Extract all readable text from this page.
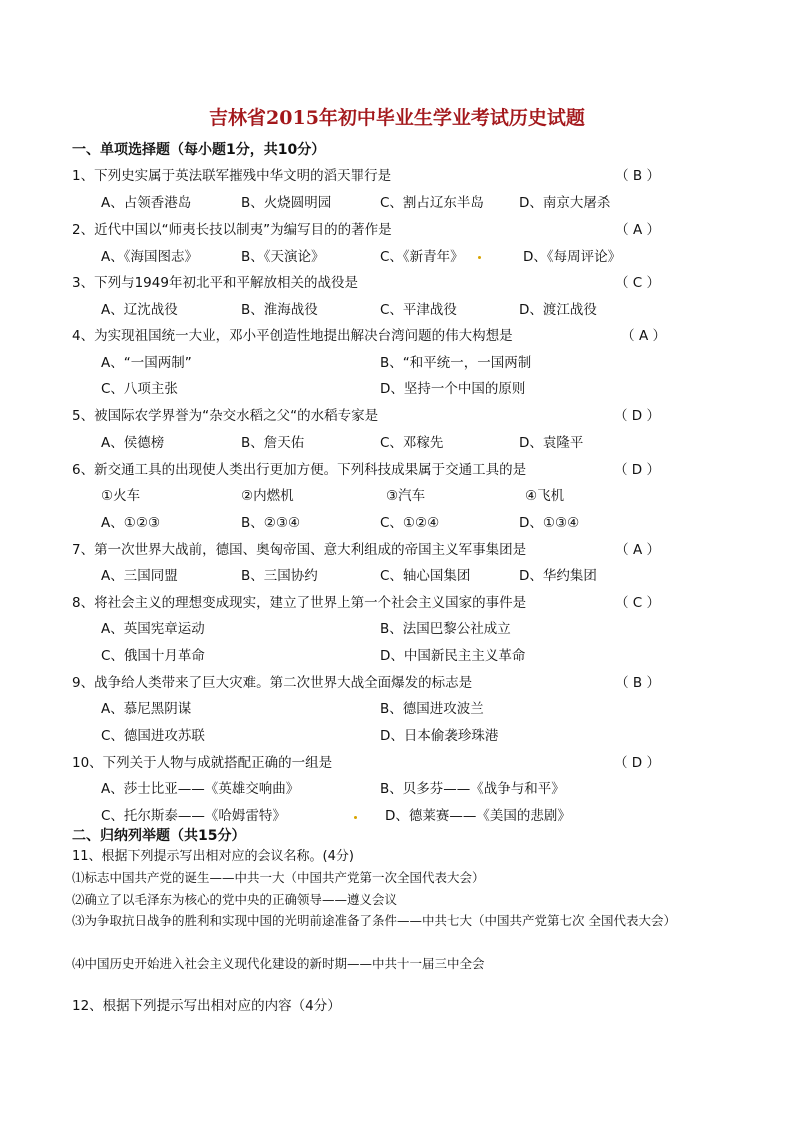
吉林省2015年初中毕业生学业考试历史试题
一、单项选择题（每小题1分，共10分）
1、下列史实属于英法联军摧残中华文明的滔天罪行是	（ B ）
A、占领香港岛	B、火烧圆明园	C、割占辽东半岛	D、南京大屠杀
2、近代中国以“师夷长技以制夷”为编写目的的著作是	（ A ）
A、《海国图志》	B、《天演论》	C、《新青年》	D、《每周评论》
3、下列与1949年初北平和平解放相关的战役是	（ C ）
A、辽沈战役	B、淮海战役	C、平津战役	D、渡江战役
4、为实现祖国统一大业，邓小平创造性地提出解决台湾问题的伟大构想是	（ A ）
A、“一国两制”	B、“和平统一，一国两制
C、八项主张	D、坚持一个中国的原则
5、被国际农学界誉为“杂交水稻之父“的水稻专家是	（ D ）
A、侯德榜	B、詹天佑	C、邓稼先	D、袁隆平
6、新交通工具的出现使人类出行更加方便。下列科技成果属于交通工具的是	（ D ）
①火车	②内燃机	③汽车	④飞机
A、①②③	B、②③④	C、①②④	D、①③④
7、第一次世界大战前，德国、奥匈帝国、意大利组成的帝国主义军事集团是	（ A ）
A、三国同盟	B、三国协约	C、轴心国集团	D、华约集团
8、将社会主义的理想变成现实，建立了世界上第一个社会主义国家的事件是	（ C ）
A、英国宪章运动	B、法国巴黎公社成立
C、俄国十月革命	D、中国新民主主义革命
9、战争给人类带来了巨大灾难。第二次世界大战全面爆发的标志是	（ B ）
A、慕尼黑阴谋	B、德国进攻波兰
C、德国进攻苏联	D、日本偷袭珍珠港
10、下列关于人物与成就搭配正确的一组是	（ D ）
A、莎士比亚——《英雄交响曲》	B、贝多芬——《战争与和平》
C、托尔斯泰——《哈姆雷特》	D、德莱赛——《美国的悲剧》
二、归纳列举题（共15分）
11、根据下列提示写出相对应的会议名称。(4分)
⑴标志中国共产党的诞生——中共一大（中国共产党第一次全国代表大会）
⑵确立了以毛泽东为核心的党中央的正确领导——遵义会议
⑶为争取抗日战争的胜利和实现中国的光明前途准备了条件——中共七大（中国共产党第七次 全国代表大会）
⑷中国历史开始进入社会主义现代化建设的新时期——中共十一届三中全会
12、根据下列提示写出相对应的内容（4分）
